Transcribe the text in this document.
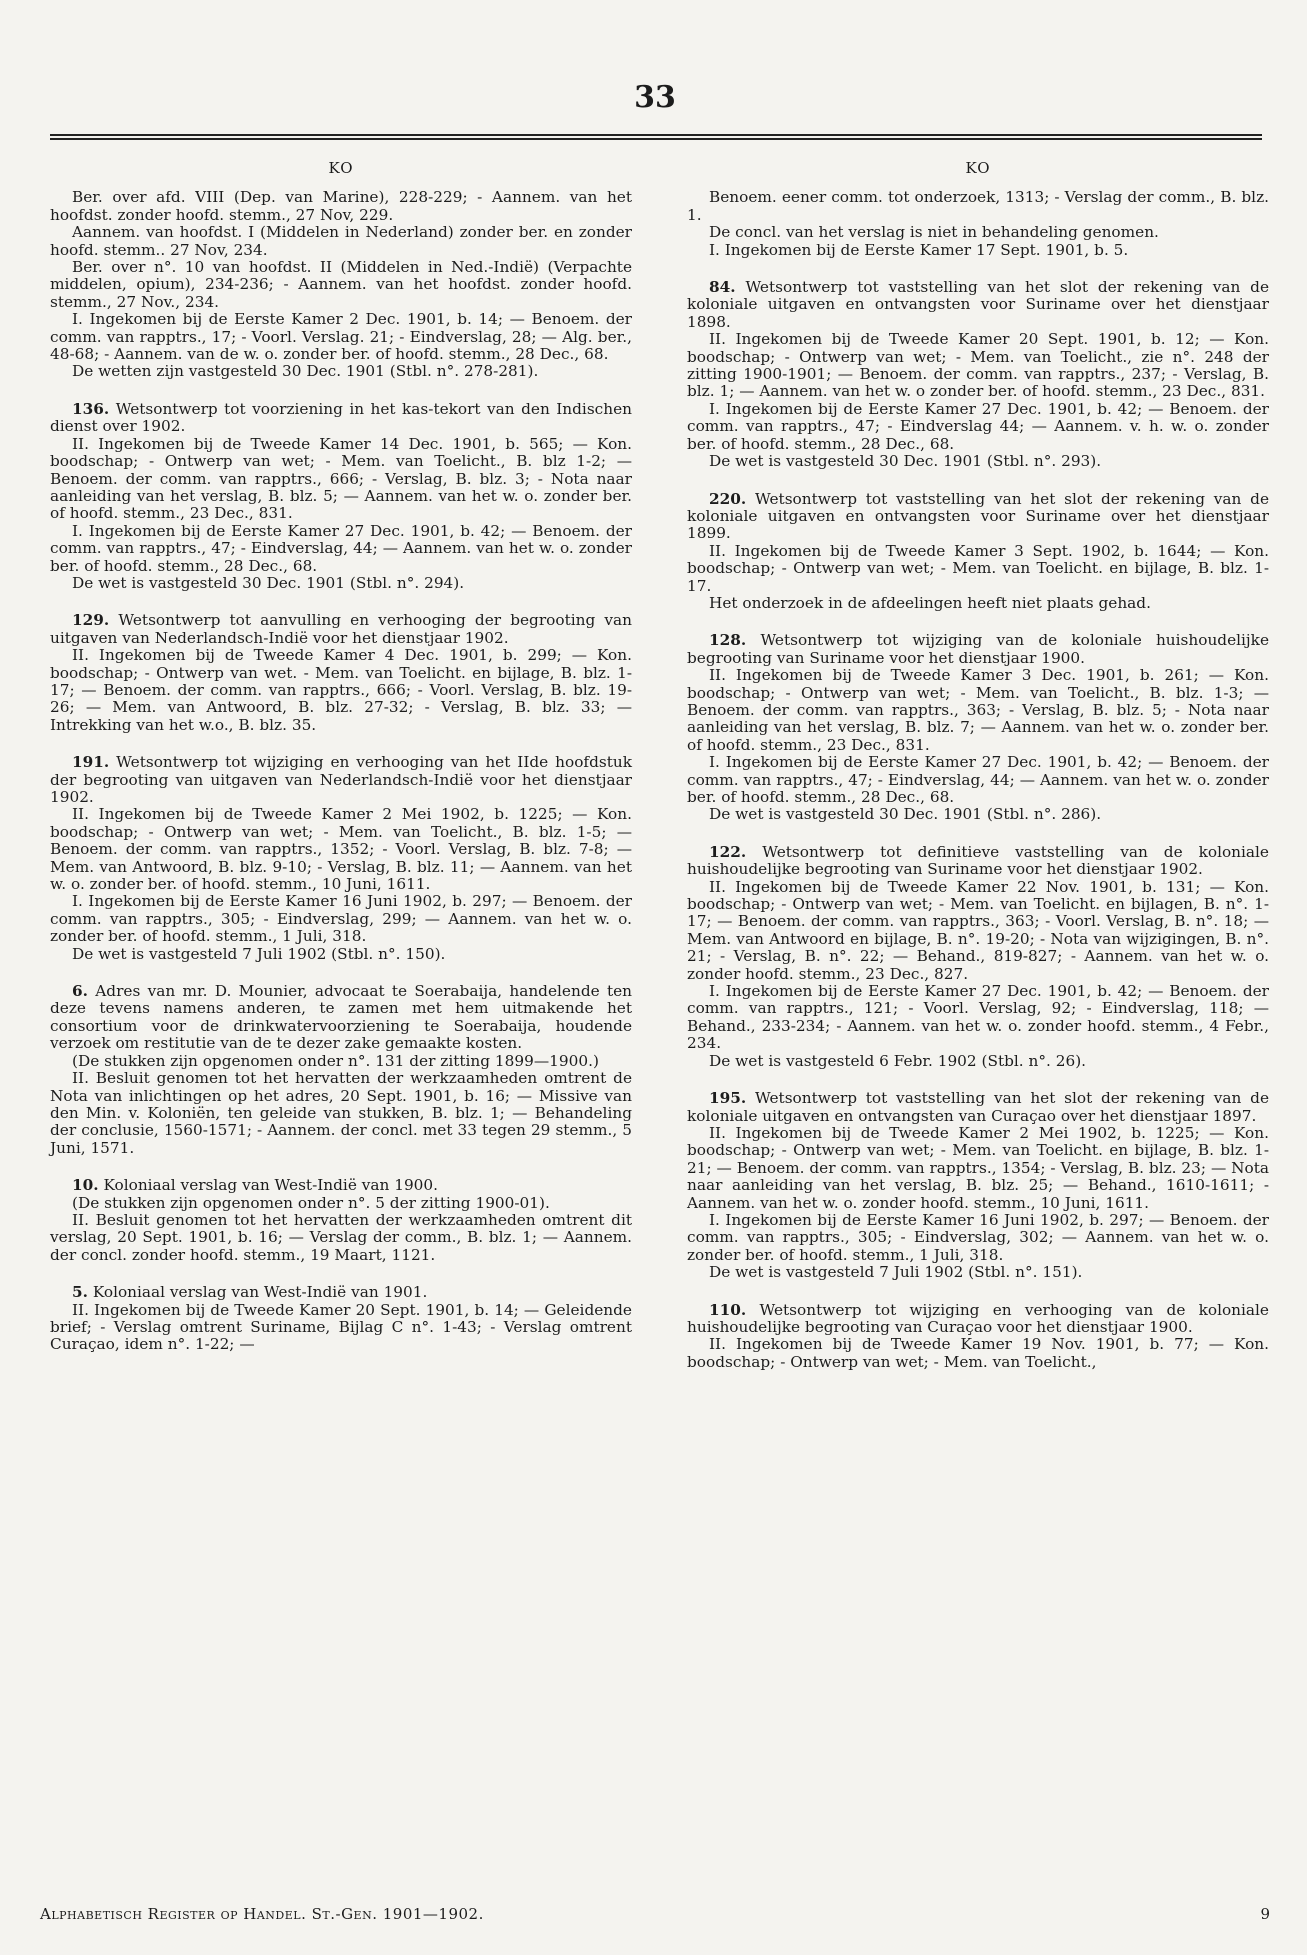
33
KO

Ber. over afd. VIII (Dep. van Marine), 228-229; - Aannem. van het hoofdst. zonder hoofd. stemm., 27 Nov, 229.

Aannem. van hoofdst. I (Middelen in Nederland) zonder ber. en zonder hoofd. stemm.. 27 Nov, 234.

Ber. over n°. 10 van hoofdst. II (Middelen in Ned.-Indië) (Verpachte middelen, opium), 234-236; - Aannem. van het hoofdst. zonder hoofd. stemm., 27 Nov., 234.

I. Ingekomen bij de Eerste Kamer 2 Dec. 1901, b. 14; — Benoem. der comm. van rapptrs., 17; - Voorl. Verslag. 21; - Eindverslag, 28; — Alg. ber., 48-68; - Aannem. van de w. o. zonder ber. of hoofd. stemm., 28 Dec., 68.

De wetten zijn vastgesteld 30 Dec. 1901 (Stbl. n°. 278-281).

136. Wetsontwerp tot voorziening in het kas-tekort van den Indischen dienst over 1902.

II. Ingekomen bij de Tweede Kamer 14 Dec. 1901, b. 565; — Kon. boodschap; - Ontwerp van wet; - Mem. van Toelicht., B. blz 1-2; — Benoem. der comm. van rapptrs., 666; - Verslag, B. blz. 3; - Nota naar aanleiding van het verslag, B. blz. 5; — Aannem. van het w. o. zonder ber. of hoofd. stemm., 23 Dec., 831.

I. Ingekomen bij de Eerste Kamer 27 Dec. 1901, b. 42; — Benoem. der comm. van rapptrs., 47; - Eindverslag, 44; — Aannem. van het w. o. zonder ber. of hoofd. stemm., 28 Dec., 68.

De wet is vastgesteld 30 Dec. 1901 (Stbl. n°. 294).

129. Wetsontwerp tot aanvulling en verhooging der begrooting van uitgaven van Nederlandsch-Indië voor het dienstjaar 1902.

II. Ingekomen bij de Tweede Kamer 4 Dec. 1901, b. 299; — Kon. boodschap; - Ontwerp van wet. - Mem. van Toelicht. en bijlage, B. blz. 1-17; — Benoem. der comm. van rapptrs., 666; - Voorl. Verslag, B. blz. 19-26; — Mem. van Antwoord, B. blz. 27-32; - Verslag, B. blz. 33; — Intrekking van het w.o., B. blz. 35.

191. Wetsontwerp tot wijziging en verhooging van het IIde hoofdstuk der begrooting van uitgaven van Nederlandsch-Indië voor het dienstjaar 1902.

II. Ingekomen bij de Tweede Kamer 2 Mei 1902, b. 1225; — Kon. boodschap; - Ontwerp van wet; - Mem. van Toelicht., B. blz. 1-5; — Benoem. der comm. van rapptrs., 1352; - Voorl. Verslag, B. blz. 7-8; — Mem. van Antwoord, B. blz. 9-10; - Verslag, B. blz. 11; — Aannem. van het w. o. zonder ber. of hoofd. stemm., 10 Juni, 1611.

I. Ingekomen bij de Eerste Kamer 16 Juni 1902, b. 297; — Benoem. der comm. van rapptrs., 305; - Eindverslag, 299; — Aannem. van het w. o. zonder ber. of hoofd. stemm., 1 Juli, 318.

De wet is vastgesteld 7 Juli 1902 (Stbl. n°. 150).

6. Adres van mr. D. Mounier, advocaat te Soerabaija, handelende ten deze tevens namens anderen, te zamen met hem uitmakende het consortium voor de drinkwatervoorziening te Soerabaija, houdende verzoek om restitutie van de te dezer zake gemaakte kosten.

(De stukken zijn opgenomen onder n°. 131 der zitting 1899—1900.)

II. Besluit genomen tot het hervatten der werkzaamheden omtrent de Nota van inlichtingen op het adres, 20 Sept. 1901, b. 16; — Missive van den Min. v. Koloniën, ten geleide van stukken, B. blz. 1; — Behandeling der conclusie, 1560-1571; - Aannem. der concl. met 33 tegen 29 stemm., 5 Juni, 1571.

10. Koloniaal verslag van West-Indië van 1900.

(De stukken zijn opgenomen onder n°. 5 der zitting 1900-01).

II. Besluit genomen tot het hervatten der werkzaamheden omtrent dit verslag, 20 Sept. 1901, b. 16; — Verslag der comm., B. blz. 1; — Aannem. der concl. zonder hoofd. stemm., 19 Maart, 1121.

5. Koloniaal verslag van West-Indië van 1901.

II. Ingekomen bij de Tweede Kamer 20 Sept. 1901, b. 14; — Geleidende brief; - Verslag omtrent Suriname, Bijlag C n°. 1-43; - Verslag omtrent Curaçao, idem n°. 1-22; —

KO

Benoem. eener comm. tot onderzoek, 1313; - Verslag der comm., B. blz. 1.

De concl. van het verslag is niet in behandeling genomen.

I. Ingekomen bij de Eerste Kamer 17 Sept. 1901, b. 5.

84. Wetsontwerp tot vaststelling van het slot der rekening van de koloniale uitgaven en ontvangsten voor Suriname over het dienstjaar 1898.

II. Ingekomen bij de Tweede Kamer 20 Sept. 1901, b. 12; — Kon. boodschap; - Ontwerp van wet; - Mem. van Toelicht., zie n°. 248 der zitting 1900-1901; — Benoem. der comm. van rapptrs., 237; - Verslag, B. blz. 1; — Aannem. van het w. o zonder ber. of hoofd. stemm., 23 Dec., 831.

I. Ingekomen bij de Eerste Kamer 27 Dec. 1901, b. 42; — Benoem. der comm. van rapptrs., 47; - Eindverslag 44; — Aannem. v. h. w. o. zonder ber. of hoofd. stemm., 28 Dec., 68.

De wet is vastgesteld 30 Dec. 1901 (Stbl. n°. 293).

220. Wetsontwerp tot vaststelling van het slot der rekening van de koloniale uitgaven en ontvangsten voor Suriname over het dienstjaar 1899.

II. Ingekomen bij de Tweede Kamer 3 Sept. 1902, b. 1644; — Kon. boodschap; - Ontwerp van wet; - Mem. van Toelicht. en bijlage, B. blz. 1-17.

Het onderzoek in de afdeelingen heeft niet plaats gehad.

128. Wetsontwerp tot wijziging van de koloniale huishoudelijke begrooting van Suriname voor het dienstjaar 1900.

II. Ingekomen bij de Tweede Kamer 3 Dec. 1901, b. 261; — Kon. boodschap; - Ontwerp van wet; - Mem. van Toelicht., B. blz. 1-3; — Benoem. der comm. van rapptrs., 363; - Verslag, B. blz. 5; - Nota naar aanleiding van het verslag, B. blz. 7; — Aannem. van het w. o. zonder ber. of hoofd. stemm., 23 Dec., 831.

I. Ingekomen bij de Eerste Kamer 27 Dec. 1901, b. 42; — Benoem. der comm. van rapptrs., 47; - Eindverslag, 44; — Aannem. van het w. o. zonder ber. of hoofd. stemm., 28 Dec., 68.

De wet is vastgesteld 30 Dec. 1901 (Stbl. n°. 286).

122. Wetsontwerp tot definitieve vaststelling van de koloniale huishoudelijke begrooting van Suriname voor het dienstjaar 1902.

II. Ingekomen bij de Tweede Kamer 22 Nov. 1901, b. 131; — Kon. boodschap; - Ontwerp van wet; - Mem. van Toelicht. en bijlagen, B. n°. 1-17; — Benoem. der comm. van rapptrs., 363; - Voorl. Verslag, B. n°. 18; — Mem. van Antwoord en bijlage, B. n°. 19-20; - Nota van wijzigingen, B. n°. 21; - Verslag, B. n°. 22; — Behand., 819-827; - Aannem. van het w. o. zonder hoofd. stemm., 23 Dec., 827.

I. Ingekomen bij de Eerste Kamer 27 Dec. 1901, b. 42; — Benoem. der comm. van rapptrs., 121; - Voorl. Verslag, 92; - Eindverslag, 118; — Behand., 233-234; - Aannem. van het w. o. zonder hoofd. stemm., 4 Febr., 234.

De wet is vastgesteld 6 Febr. 1902 (Stbl. n°. 26).

195. Wetsontwerp tot vaststelling van het slot der rekening van de koloniale uitgaven en ontvangsten van Curaçao over het dienstjaar 1897.

II. Ingekomen bij de Tweede Kamer 2 Mei 1902, b. 1225; — Kon. boodschap; - Ontwerp van wet; - Mem. van Toelicht. en bijlage, B. blz. 1-21; — Benoem. der comm. van rapptrs., 1354; - Verslag, B. blz. 23; — Nota naar aanleiding van het verslag, B. blz. 25; — Behand., 1610-1611; - Aannem. van het w. o. zonder hoofd. stemm., 10 Juni, 1611.

I. Ingekomen bij de Eerste Kamer 16 Juni 1902, b. 297; — Benoem. der comm. van rapptrs., 305; - Eindverslag, 302; — Aannem. van het w. o. zonder ber. of hoofd. stemm., 1 Juli, 318.

De wet is vastgesteld 7 Juli 1902 (Stbl. n°. 151).

110. Wetsontwerp tot wijziging en verhooging van de koloniale huishoudelijke begrooting van Curaçao voor het dienstjaar 1900.

II. Ingekomen bij de Tweede Kamer 19 Nov. 1901, b. 77; — Kon. boodschap; - Ontwerp van wet; - Mem. van Toelicht.,

Alphabetisch Register op Handel. St.-Gen. 1901—1902.	9
